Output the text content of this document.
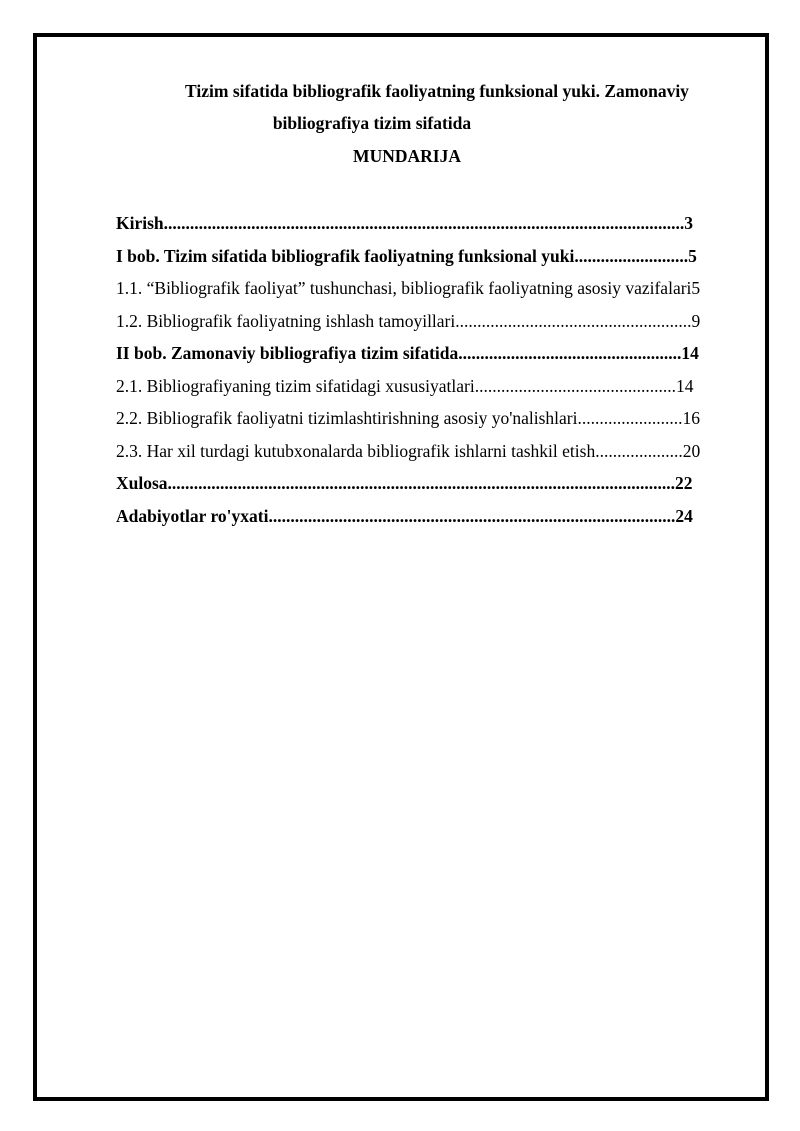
Tizim sifatida bibliografik faoliyatning funksional yuki. Zamonaviy
bibliografiya tizim sifatida
MUNDARIJA
Kirish.......................................................................................................................3
I bob. Tizim sifatida bibliografik faoliyatning funksional yuki..........................5
1.1. “Bibliografik faoliyat” tushunchasi, bibliografik faoliyatning asosiy vazifalari5
1.2. Bibliografik faoliyatning ishlash tamoyillari......................................................9
II bob. Zamonaviy bibliografiya tizim sifatida...................................................14
2.1. Bibliografiyaning tizim sifatidagi xususiyatlari..............................................14
2.2. Bibliografik faoliyatni tizimlashtirishning asosiy yo'nalishlari........................16
2.3. Har xil turdagi kutubxonalarda bibliografik ishlarni tashkil etish....................20
Xulosa....................................................................................................................22
Adabiyotlar ro'yxati.............................................................................................24
